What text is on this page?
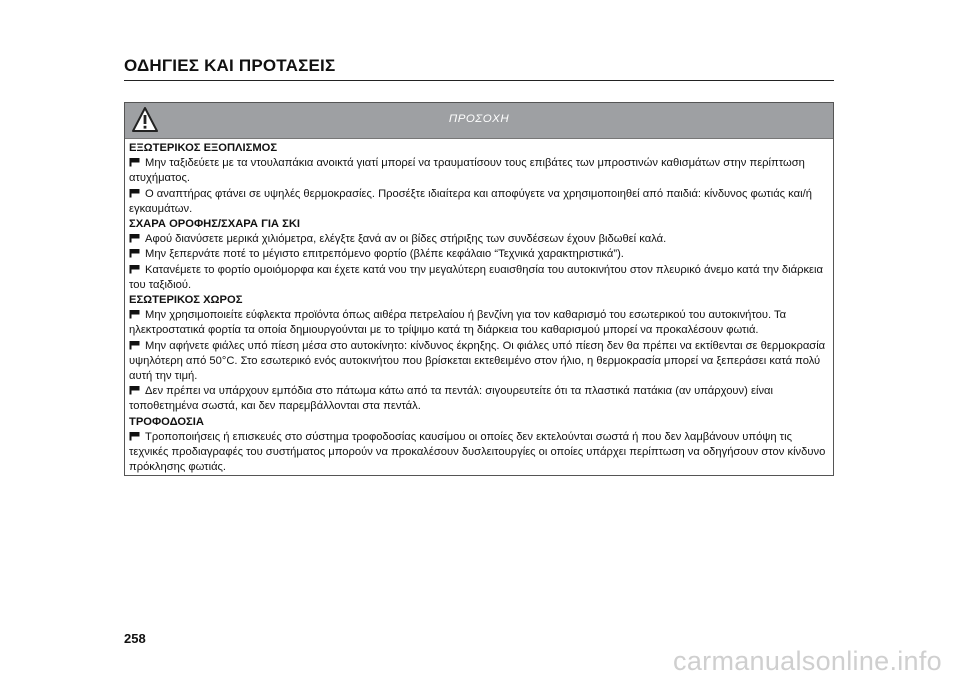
ΟΔΗΓΙΕΣ ΚΑΙ ΠΡΟΤΑΣΕΙΣ
ΠΡΟΣΟΧΗ
ΕΞΩΤΕΡΙΚΟΣ ΕΞΟΠΛΙΣΜΟΣ
Μην ταξιδεύετε με τα ντουλαπάκια ανοικτά γιατί μπορεί να τραυματίσουν τους επιβάτες των μπροστινών καθισμάτων στην περίπτωση ατυχήματος.
Ο αναπτήρας φτάνει σε υψηλές θερμοκρασίες. Προσέξτε ιδιαίτερα και αποφύγετε να χρησιμοποιηθεί από παιδιά: κίνδυνος φωτιάς και/ή εγκαυμάτων.
ΣΧΑΡΑ ΟΡΟΦΗΣ/ΣΧΑΡΑ ΓΙΑ ΣΚΙ
Αφού διανύσετε μερικά χιλιόμετρα, ελέγξτε ξανά αν οι βίδες στήριξης των συνδέσεων έχουν βιδωθεί καλά.
Μην ξεπερνάτε ποτέ το μέγιστο επιτρεπόμενο φορτίο (βλέπε κεφάλαιο “Τεχνικά χαρακτηριστικά”).
Κατανέμετε το φορτίο ομοιόμορφα και έχετε κατά νου την μεγαλύτερη ευαισθησία του αυτοκινήτου στον πλευρικό άνεμο κατά την διάρκεια του ταξιδιού.
ΕΣΩΤΕΡΙΚΟΣ ΧΩΡΟΣ
Μην χρησιμοποιείτε εύφλεκτα προϊόντα όπως αιθέρα πετρελαίου ή βενζίνη για τον καθαρισμό του εσωτερικού του αυτοκινήτου. Τα ηλεκτροστατικά φορτία τα οποία δημιουργούνται με το τρίψιμο κατά τη διάρκεια του καθαρισμού μπορεί να προκαλέσουν φωτιά.
Μην αφήνετε φιάλες υπό πίεση μέσα στο αυτοκίνητο: κίνδυνος έκρηξης. Οι φιάλες υπό πίεση δεν θα πρέπει να εκτίθενται σε θερμοκρασία υψηλότερη από 50°C. Στο εσωτερικό ενός αυτοκινήτου που βρίσκεται εκτεθειμένο στον ήλιο, η θερμοκρασία μπορεί να ξεπεράσει κατά πολύ αυτή την τιμή.
Δεν πρέπει να υπάρχουν εμπόδια στο πάτωμα κάτω από τα πεντάλ: σιγουρευτείτε ότι τα πλαστικά πατάκια (αν υπάρχουν) είναι τοποθετημένα σωστά, και δεν παρεμβάλλονται στα πεντάλ.
ΤΡΟΦΟΔΟΣΙΑ
Τροποποιήσεις ή επισκευές στο σύστημα τροφοδοσίας καυσίμου οι οποίες δεν εκτελούνται σωστά ή που δεν λαμβάνουν υπόψη τις τεχνικές προδιαγραφές του συστήματος μπορούν να προκαλέσουν δυσλειτουργίες οι οποίες υπάρχει περίπτωση να οδηγήσουν στον κίνδυνο πρόκλησης φωτιάς.
258
carmanualsonline.info
